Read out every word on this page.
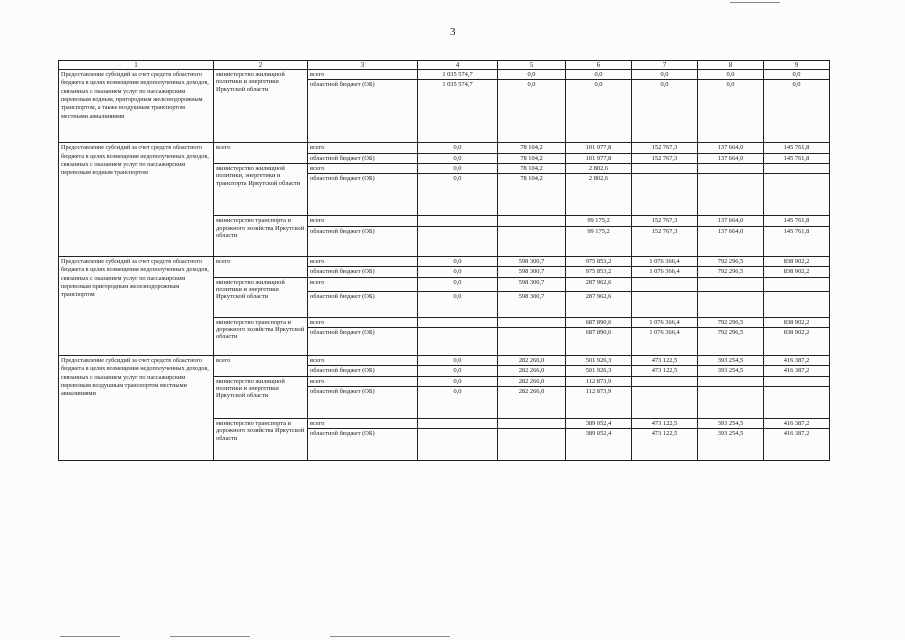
3
1	2	3	4	5	6	7	8	9
Предоставление субсидий за счет средств областного бюджета в целях возмещения недополученных доходов, связанных с оказанием услуг по пассажирским перевозкам водным, пригородным железнодорожным транспортом, а также воздушным транспортом местными авиалиниями	министерство жилищной политики и энергетики Иркутской области	всего	1 035 574,7	0,0	0,0	0,0	0,0	0,0
		областной бюджет (ОБ)	1 035 574,7	0,0	0,0	0,0	0,0	0,0
Предоставление субсидий за счет средств областного бюджета в целях возмещения недополученных доходов, связанных с оказанием услуг по пассажирским перевозкам водным транспортом	всего	всего	0,0	78 104,2	101 977,8	152 767,3	137 664,0	145 761,8
		областной бюджет (ОБ)	0,0	78 104,2	101 977,8	152 767,3	137 664,0	145 761,8
	министерство жилищной политики, энергетики и транспорта Иркутской области	всего	0,0	78 104,2	2 802,6			
		областной бюджет (ОБ)	0,0	78 104,2	2 802,6			
	министерство транспорта и дорожного хозяйства Иркутской области	всего			99 175,2	152 767,3	137 664,0	145 761,8
		областной бюджет (ОБ)			99 175,2	152 767,3	137 664,0	145 761,8
Предоставление субсидий за счет средств областного бюджета в целях возмещения недополученных доходов, связанных с оказанием услуг по пассажирским перевозкам пригородным железнодорожным транспортом	всего	всего	0,0	598 300,7	975 853,2	1 076 366,4	792 296,5	838 902,2
		областной бюджет (ОБ)	0,0	598 300,7	975 853,2	1 076 366,4	792 296,5	838 902,2
	министерство жилищной политики и энергетики Иркутской области	всего	0,0	598 300,7	287 962,6			
		областной бюджет (ОБ)	0,0	598 300,7	287 962,6			
	министерство транспорта и дорожного хозяйства Иркутской области	всего			687 890,6	1 076 366,4	792 296,5	838 902,2
		областной бюджет (ОБ)			687 890,6	1 076 366,4	792 296,5	838 902,2
Предоставление субсидий за счет средств областного бюджета в целях возмещения недополученных доходов, связанных с оказанием услуг по пассажирским перевозкам воздушным транспортом местными авиалиниями	всего	всего	0,0	282 266,0	501 926,3	473 122,5	393 254,5	416 387,2
		областной бюджет (ОБ)	0,0	282 266,0	501 926,3	473 122,5	393 254,5	416 387,2
	министерство жилищной политики и энергетики Иркутской области	всего	0,0	282 266,0	112 873,9			
		областной бюджет (ОБ)	0,0	282 266,0	112 873,9			
	министерство транспорта и дорожного хозяйства Иркутской области	всего			389 052,4	473 122,5	393 254,5	416 387,2
		областной бюджет (ОБ)			389 052,4	473 122,5	393 254,5	416 387,2
